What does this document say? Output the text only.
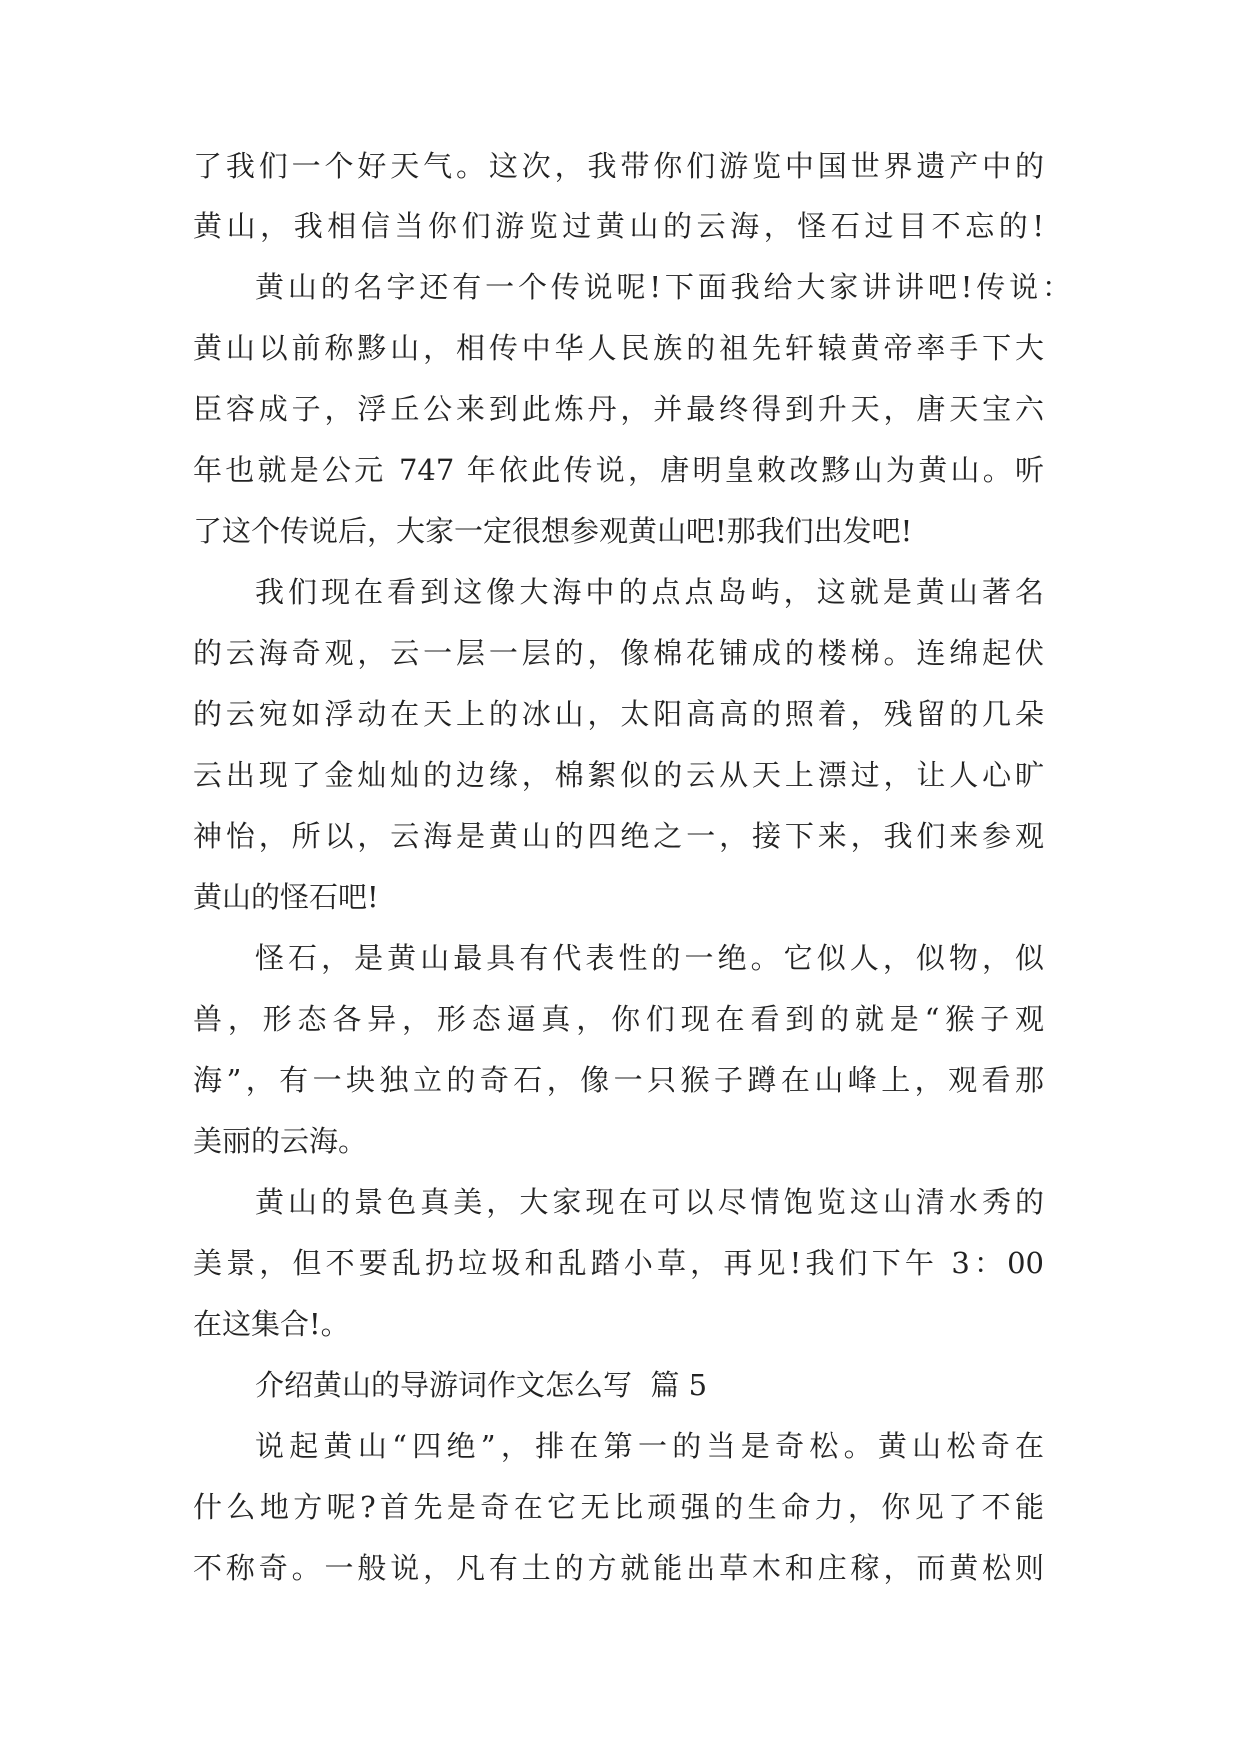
了我们一个好天气。这次，我带你们游览中国世界遗产中的

黄山，我相信当你们游览过黄山的云海，怪石过目不忘的!

黄山的名字还有一个传说呢!下面我给大家讲讲吧!传说：

黄山以前称黟山，相传中华人民族的祖先轩辕黄帝率手下大

臣容成子，浮丘公来到此炼丹，并最终得到升天，唐天宝六

年也就是公元 747 年依此传说，唐明皇敕改黟山为黄山。听

了这个传说后，大家一定很想参观黄山吧!那我们出发吧!

我们现在看到这像大海中的点点岛屿，这就是黄山著名

的云海奇观，云一层一层的，像棉花铺成的楼梯。连绵起伏

的云宛如浮动在天上的冰山，太阳高高的照着，残留的几朵

云出现了金灿灿的边缘，棉絮似的云从天上漂过，让人心旷

神怡，所以，云海是黄山的四绝之一，接下来，我们来参观

黄山的怪石吧!

怪石，是黄山最具有代表性的一绝。它似人，似物，似

兽，形态各异，形态逼真，你们现在看到的就是“猴子观

海”，有一块独立的奇石，像一只猴子蹲在山峰上，观看那

美丽的云海。

黄山的景色真美，大家现在可以尽情饱览这山清水秀的

美景，但不要乱扔垃圾和乱踏小草，再见!我们下午 3：00

在这集合!。

介绍黄山的导游词作文怎么写  篇 5

说起黄山“四绝”，排在第一的当是奇松。黄山松奇在

什么地方呢?首先是奇在它无比顽强的生命力，你见了不能

不称奇。一般说，凡有土的方就能出草木和庄稼，而黄松则
